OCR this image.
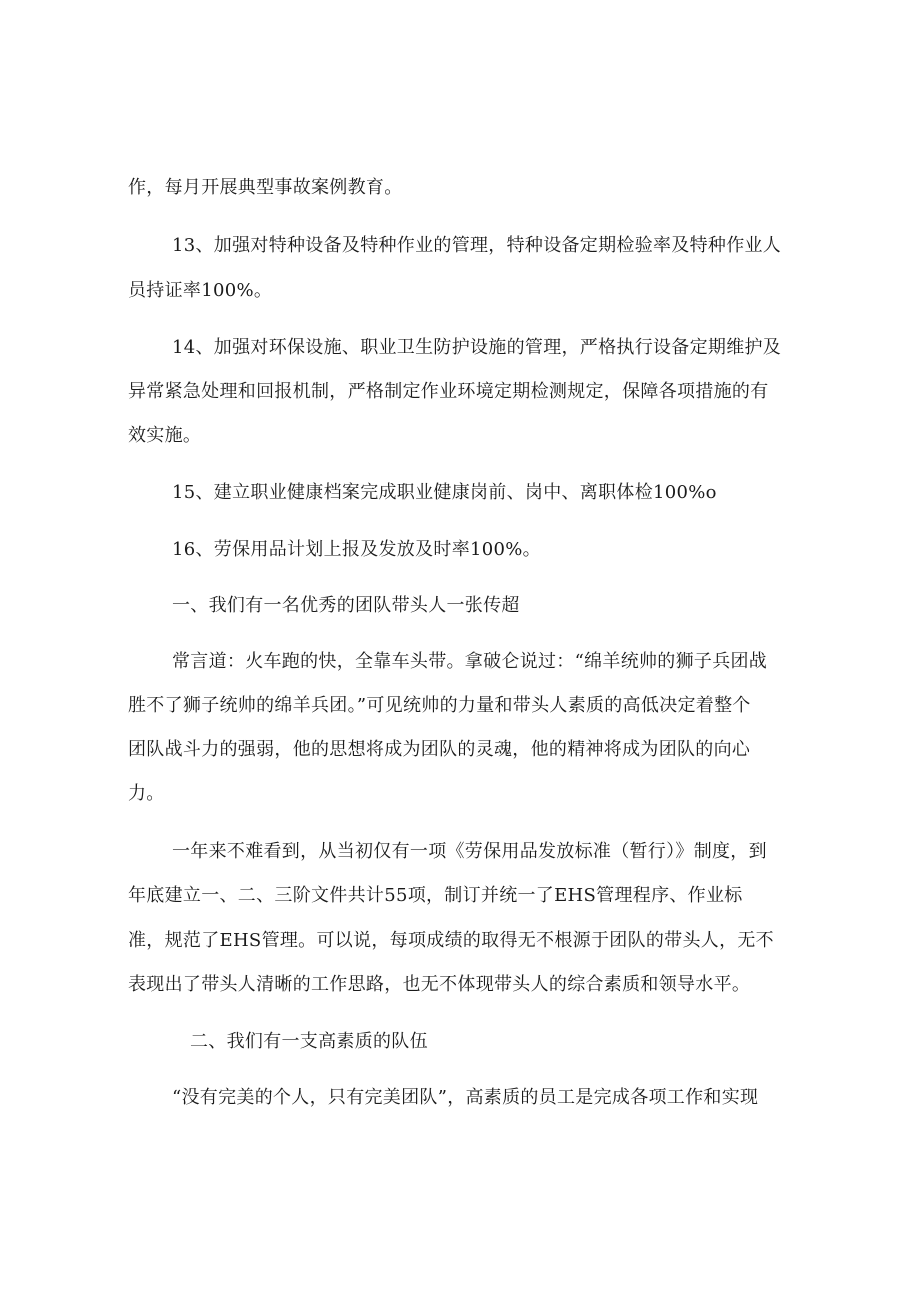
作，每月开展典型事故案例教育。
13、加强对特种设备及特种作业的管理，特种设备定期检验率及特种作业人
员持证率100%。
14、加强对环保设施、职业卫生防护设施的管理，严格执行设备定期维护及
异常紧急处理和回报机制，严格制定作业环境定期检测规定，保障各项措施的有
效实施。
15、建立职业健康档案完成职业健康岗前、岗中、离职体检100%o
16、劳保用品计划上报及发放及时率100%。
一、我们有一名优秀的团队带头人一张传超
常言道：火车跑的快，全靠车头带。拿破仑说过：“绵羊统帅的狮子兵团战
胜不了狮子统帅的绵羊兵团。”可见统帅的力量和带头人素质的高低决定着整个
团队战斗力的强弱，他的思想将成为团队的灵魂，他的精神将成为团队的向心
力。
一年来不难看到，从当初仅有一项《劳保用品发放标准（暂行）》制度，到
年底建立一、二、三阶文件共计55项，制订并统一了EHS管理程序、作业标
准，规范了EHS管理。可以说，每项成绩的取得无不根源于团队的带头人，无不
表现出了带头人清晰的工作思路，也无不体现带头人的综合素质和领导水平。
二、我们有一支高素质的队伍
“没有完美的个人，只有完美团队”，高素质的员工是完成各项工作和实现
